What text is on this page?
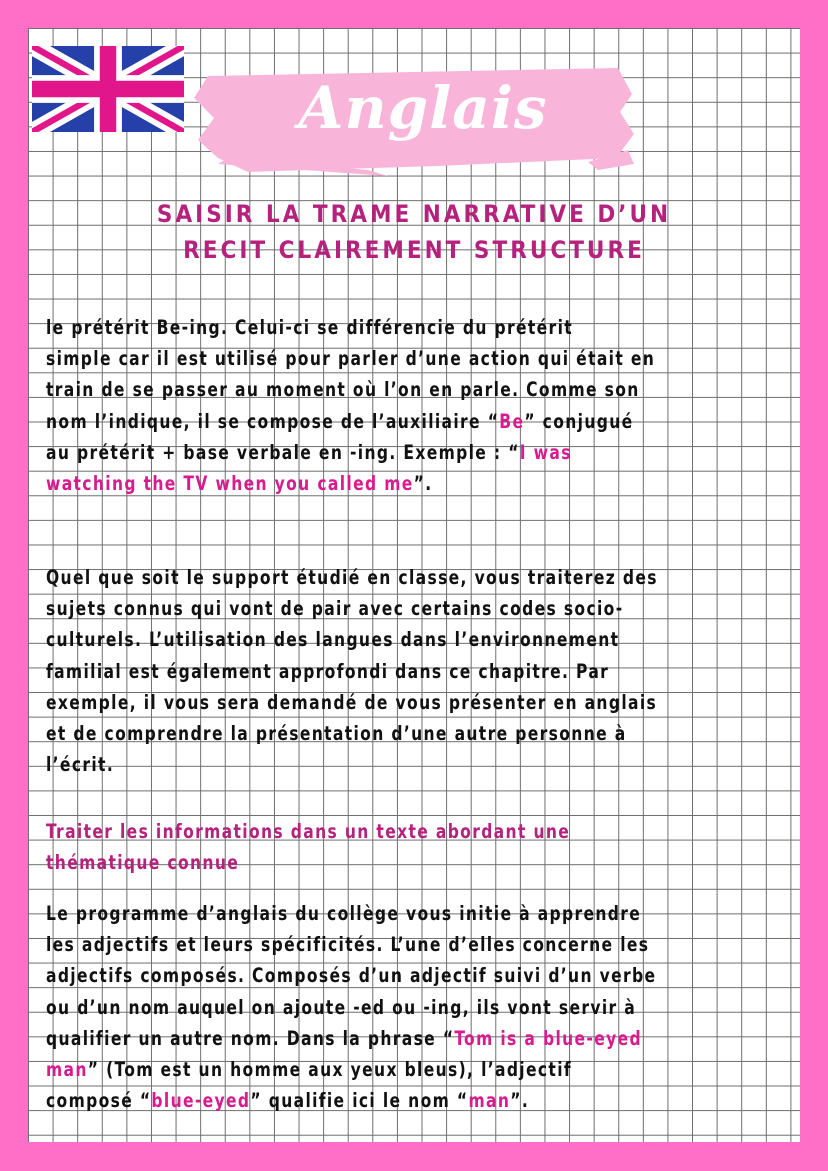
Anglais
SAISIR LA TRAME NARRATIVE D’UN
RECIT CLAIREMENT STRUCTURE
le prétérit Be-ing. Celui-ci se différencie du prétérit
simple car il est utilisé pour parler d’une action qui était en
train de se passer au moment où l’on en parle. Comme son
nom l’indique, il se compose de l’auxiliaire “Be” conjugué
au prétérit + base verbale en -ing. Exemple : “I was
watching the TV when you called me”.
Quel que soit le support étudié en classe, vous traiterez des
sujets connus qui vont de pair avec certains codes socio-
culturels. L’utilisation des langues dans l’environnement
familial est également approfondi dans ce chapitre. Par
exemple, il vous sera demandé de vous présenter en anglais
et de comprendre la présentation d’une autre personne à
l’écrit.
Traiter les informations dans un texte abordant une
thématique connue
Le programme d’anglais du collège vous initie à apprendre
les adjectifs et leurs spécificités. L’une d’elles concerne les
adjectifs composés. Composés d’un adjectif suivi d’un verbe
ou d’un nom auquel on ajoute -ed ou -ing, ils vont servir à
qualifier un autre nom. Dans la phrase “Tom is a blue-eyed
man” (Tom est un homme aux yeux bleus), l’adjectif
composé “blue-eyed” qualifie ici le nom “man”.
